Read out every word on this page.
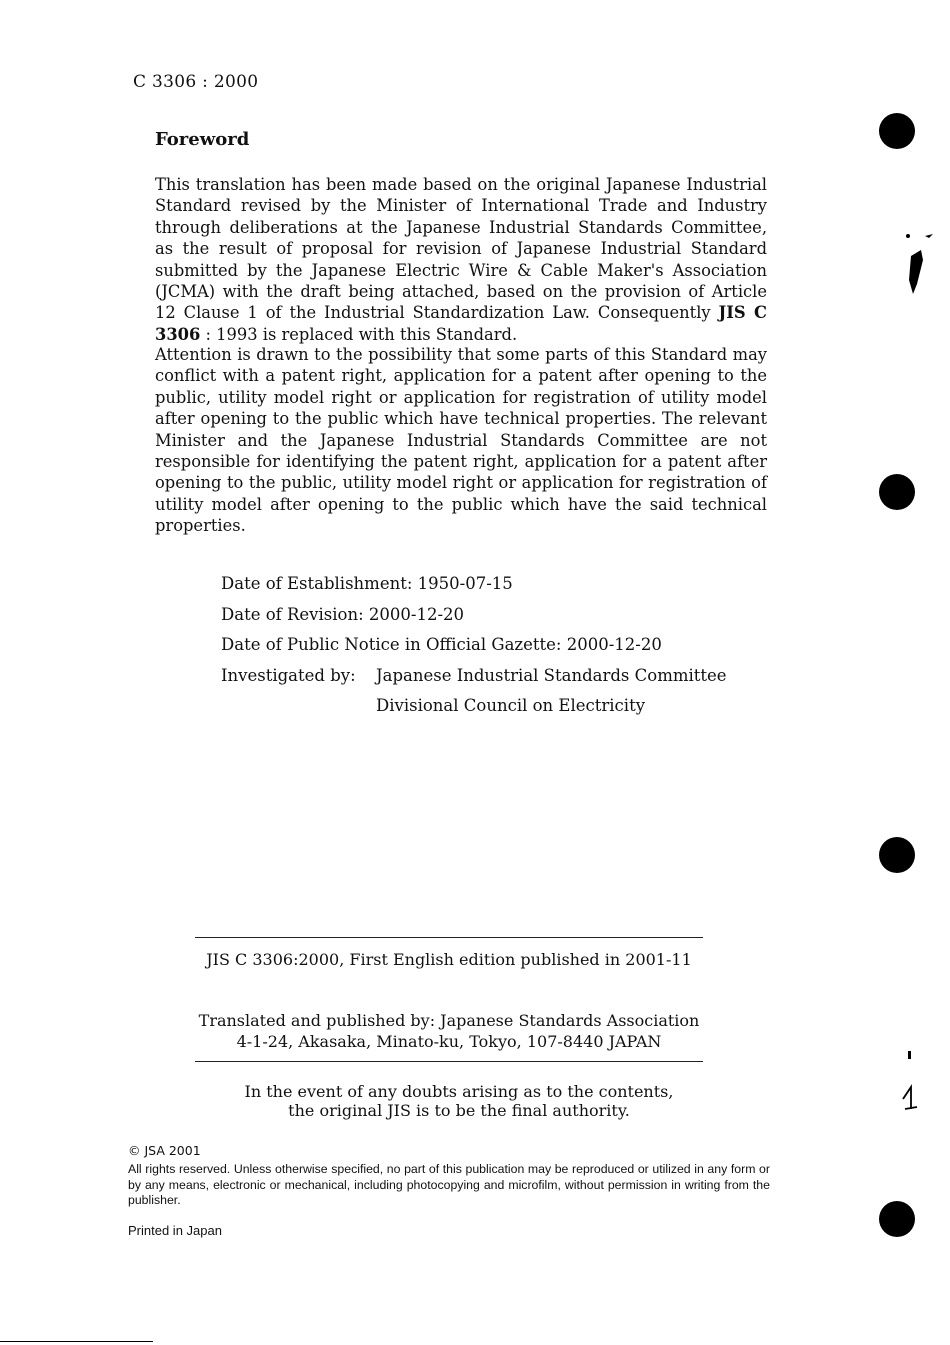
C 3306 : 2000
Foreword

This translation has been made based on the original Japanese Industrial Standard revised by the Minister of International Trade and Industry through deliberations at the Japanese Industrial Standards Committee, as the result of proposal for revision of Japanese Industrial Standard submitted by the Japanese Electric Wire & Cable Maker's Association (JCMA) with the draft being attached, based on the provision of Article 12 Clause 1 of the Industrial Standardization Law. Consequently JIS C 3306 : 1993 is replaced with this Standard.

Attention is drawn to the possibility that some parts of this Standard may conflict with a patent right, application for a patent after opening to the public, utility model right or application for registration of utility model after opening to the public which have technical properties. The relevant Minister and the Japanese Industrial Standards Committee are not responsible for identifying the patent right, application for a patent after opening to the public, utility model right or application for registration of utility model after opening to the public which have the said technical properties.

Date of Establishment: 1950-07-15
Date of Revision: 2000-12-20
Date of Public Notice in Official Gazette: 2000-12-20
Investigated by:	Japanese Industrial Standards Committee
Divisional Council on Electricity
JIS C 3306:2000, First English edition published in 2001-11
Translated and published by: Japanese Standards Association
4-1-24, Akasaka, Minato-ku, Tokyo, 107-8440 JAPAN
In the event of any doubts arising as to the contents,
the original JIS is to be the final authority.
© JSA 2001
All rights reserved. Unless otherwise specified, no part of this publication may be reproduced or utilized in any form or by any means, electronic or mechanical, including photocopying and microfilm, without permission in writing from the publisher.
Printed in Japan
